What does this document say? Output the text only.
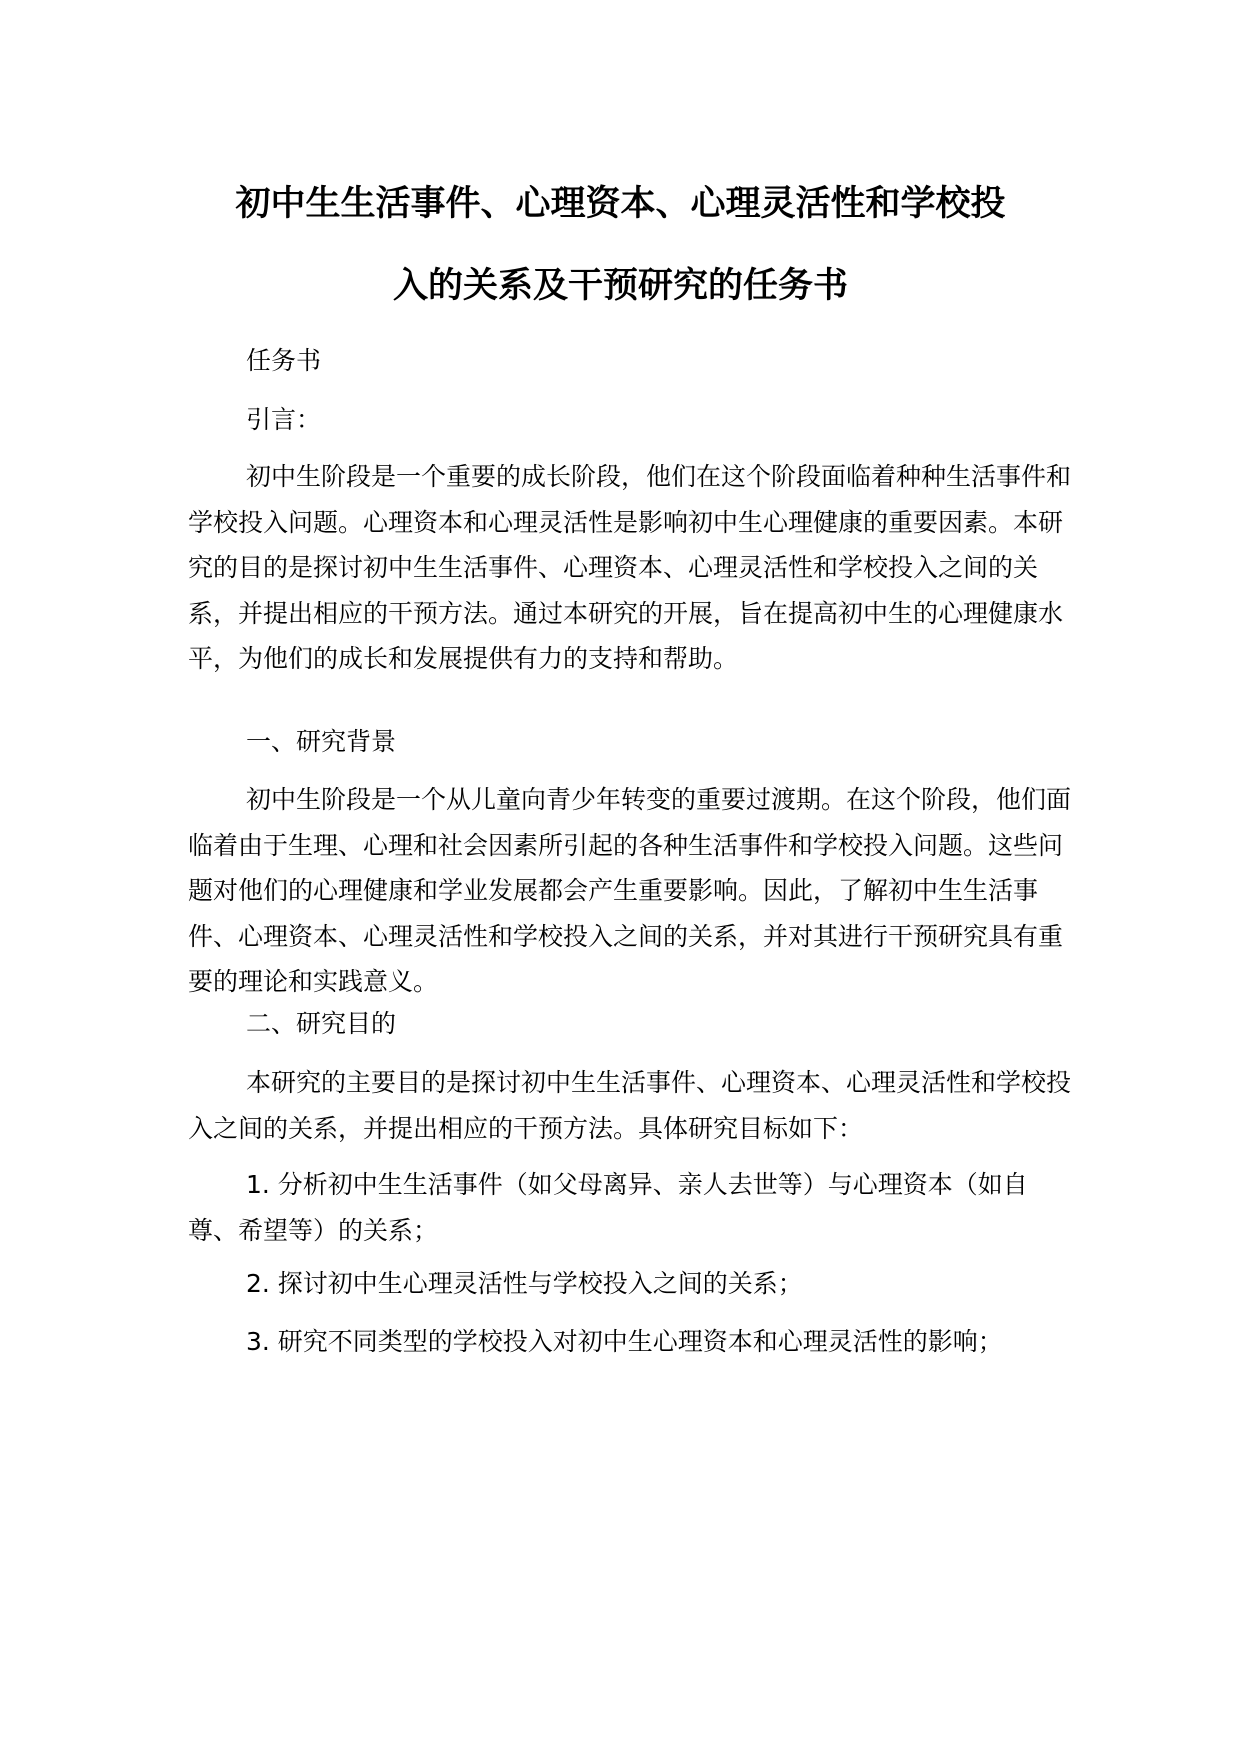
初中生生活事件、心理资本、心理灵活性和学校投
入的关系及干预研究的任务书

任务书

引言：

初中生阶段是一个重要的成长阶段，他们在这个阶段面临着种种生活事件和学校投入问题。心理资本和心理灵活性是影响初中生心理健康的重要因素。本研究的目的是探讨初中生生活事件、心理资本、心理灵活性和学校投入之间的关系，并提出相应的干预方法。通过本研究的开展，旨在提高初中生的心理健康水平，为他们的成长和发展提供有力的支持和帮助。

一、研究背景

初中生阶段是一个从儿童向青少年转变的重要过渡期。在这个阶段，他们面临着由于生理、心理和社会因素所引起的各种生活事件和学校投入问题。这些问题对他们的心理健康和学业发展都会产生重要影响。因此，了解初中生生活事件、心理资本、心理灵活性和学校投入之间的关系，并对其进行干预研究具有重要的理论和实践意义。

二、研究目的

本研究的主要目的是探讨初中生生活事件、心理资本、心理灵活性和学校投入之间的关系，并提出相应的干预方法。具体研究目标如下：

1. 分析初中生生活事件（如父母离异、亲人去世等）与心理资本（如自尊、希望等）的关系；

2. 探讨初中生心理灵活性与学校投入之间的关系；

3. 研究不同类型的学校投入对初中生心理资本和心理灵活性的影响；
